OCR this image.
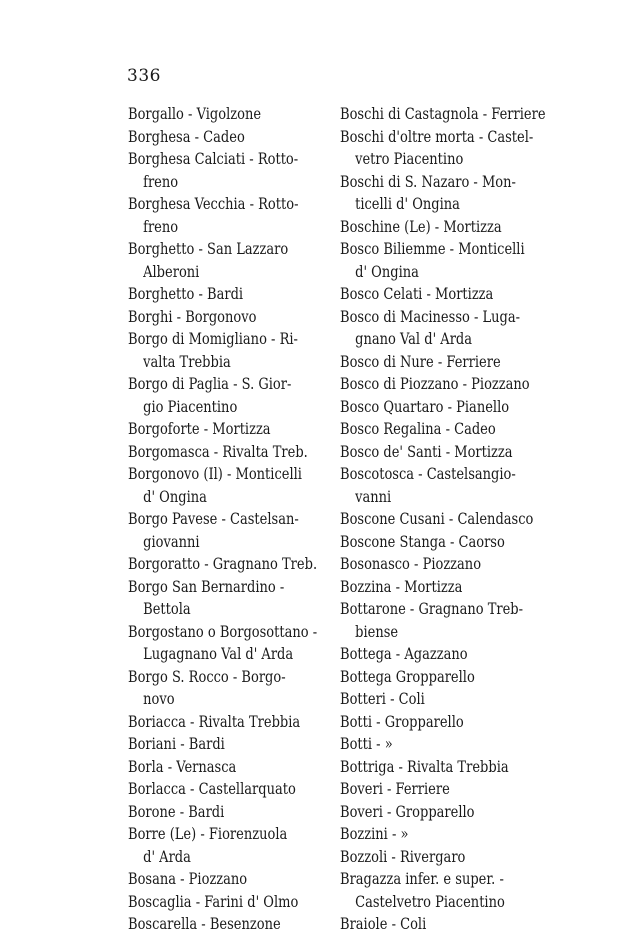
336
Borgallo - Vigolzone
Borghesa - Cadeo
Borghesa Calciati - Rotto-
freno
Borghesa Vecchia - Rotto-
freno
Borghetto - San Lazzaro
Alberoni
Borghetto - Bardi
Borghi - Borgonovo
Borgo di Momigliano - Ri-
valta Trebbia
Borgo di Paglia - S. Gior-
gio Piacentino
Borgoforte - Mortizza
Borgomasca - Rivalta Treb.
Borgonovo (Il) - Monticelli
d' Ongina
Borgo Pavese - Castelsan-
giovanni
Borgoratto - Gragnano Treb.
Borgo San Bernardino -
Bettola
Borgostano o Borgosottano -
Lugagnano Val d' Arda
Borgo S. Rocco - Borgo-
novo
Boriacca - Rivalta Trebbia
Boriani - Bardi
Borla - Vernasca
Borlacca - Castellarquato
Borone - Bardi
Borre (Le) - Fiorenzuola
d' Arda
Bosana - Piozzano
Boscaglia - Farini d' Olmo
Boscarella - Besenzone
Boschi di Castagnola - Ferriere
Boschi d'oltre morta - Castel-
vetro Piacentino
Boschi di S. Nazaro - Mon-
ticelli d' Ongina
Boschine (Le) - Mortizza
Bosco Biliemme - Monticelli
d' Ongina
Bosco Celati - Mortizza
Bosco di Macinesso - Luga-
gnano Val d' Arda
Bosco di Nure - Ferriere
Bosco di Piozzano - Piozzano
Bosco Quartaro - Pianello
Bosco Regalina - Cadeo
Bosco de' Santi - Mortizza
Boscotosca - Castelsangio-
vanni
Boscone Cusani - Calendasco
Boscone Stanga - Caorso
Bosonasco - Piozzano
Bozzina - Mortizza
Bottarone - Gragnano Treb-
biense
Bottega - Agazzano
Bottega Gropparello
Botteri - Coli
Botti - Gropparello
Botti - »
Bottriga - Rivalta Trebbia
Boveri - Ferriere
Boveri - Gropparello
Bozzini - »
Bozzoli - Rivergaro
Bragazza infer. e super. -
Castelvetro Piacentino
Braiole - Coli
